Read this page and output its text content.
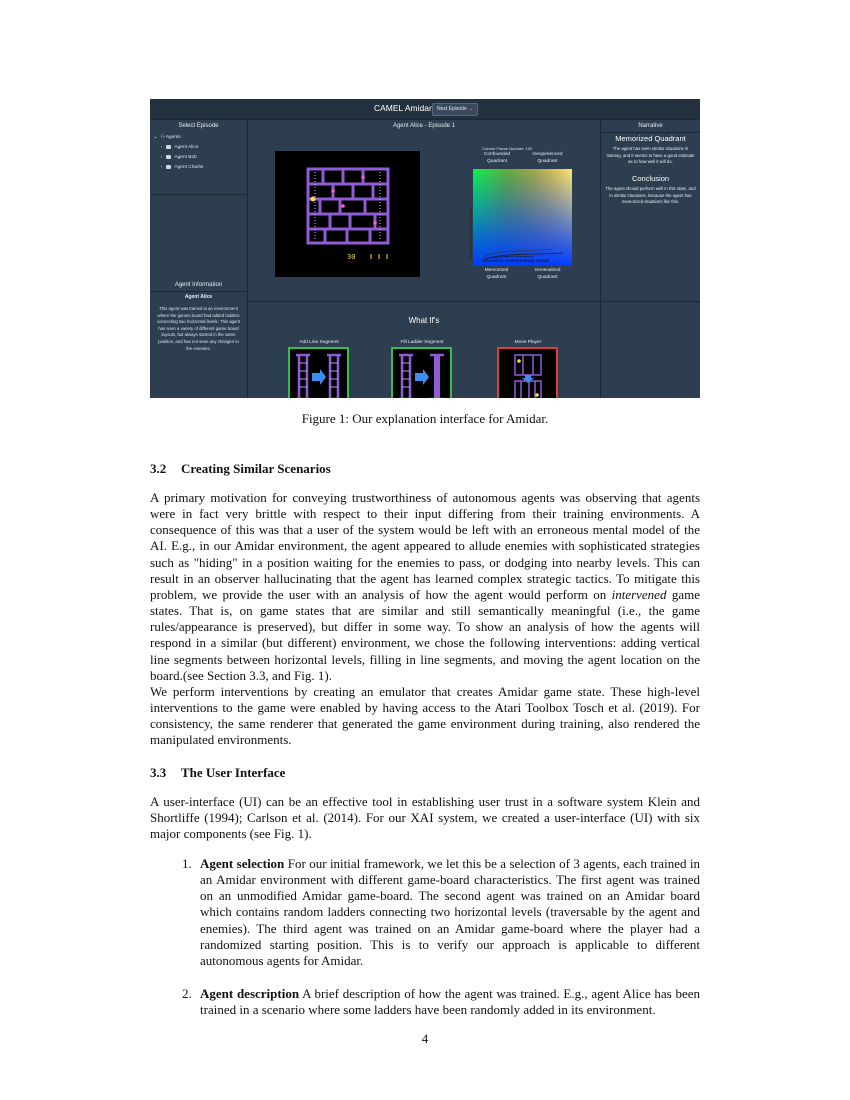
CAMEL Amidar	Next Episode →
Select Episode
⌄ ⚇ Agents
›	Agent Alice
›	Agent Bob
›	Agent Charlie
Agent Information
Agent Alice
This agent was trained in an environment where the games board had added ladders connecting two horizontal levels. This agent has seen a variety of different game board layouts, but always started in the same position, and has not seen any changes to the enemies.
Agent Alice - Episode 1
30
Current Frame Number: 100
Confounded Quadrant
Inexperienced Quadrant
Distance to nearest activation
Distance to nearest training sample
Memorized Quadrant
Generalized Quadrant
What If's
Add Line Segment	Fill Ladder Segment	Move Player
Narrative
Memorized Quadrant
The agent has seen similar situations in training, and it seems to have a good estimate as to how well it will do.
Conclusion
The agent should perform well in this state, and in similar situations, because the agent has memorized situations like this.
Figure 1: Our explanation interface for Amidar.
3.2 Creating Similar Scenarios

A primary motivation for conveying trustworthiness of autonomous agents was observing that agents were in fact very brittle with respect to their input differing from their training environments. A consequence of this was that a user of the system would be left with an erroneous mental model of the AI. E.g., in our Amidar environment, the agent appeared to allude enemies with sophisticated strategies such as "hiding" in a position waiting for the enemies to pass, or dodging into nearby levels. This can result in an observer hallucinating that the agent has learned complex strategic tactics. To mitigate this problem, we provide the user with an analysis of how the agent would perform on intervened game states. That is, on game states that are similar and still semantically meaningful (i.e., the game rules/appearance is preserved), but differ in some way. To show an analysis of how the agents will respond in a similar (but different) environment, we chose the following interventions: adding vertical line segments between horizontal levels, filling in line segments, and moving the agent location on the board.(see Section 3.3, and Fig. 1).

We perform interventions by creating an emulator that creates Amidar game state. These high-level interventions to the game were enabled by having access to the Atari Toolbox Tosch et al. (2019). For consistency, the same renderer that generated the game environment during training, also rendered the manipulated environments.

3.3 The User Interface

A user-interface (UI) can be an effective tool in establishing user trust in a software system Klein and Shortliffe (1994); Carlson et al. (2014). For our XAI system, we created a user-interface (UI) with six major components (see Fig. 1).

1. Agent selection For our initial framework, we let this be a selection of 3 agents, each trained in an Amidar environment with different game-board characteristics. The first agent was trained on an unmodified Amidar game-board. The second agent was trained on an Amidar board which contains random ladders connecting two horizontal levels (traversable by the agent and enemies). The third agent was trained on an Amidar game-board where the player had a randomized starting position. This is to verify our approach is applicable to different autonomous agents for Amidar.
2. Agent description A brief description of how the agent was trained. E.g., agent Alice has been trained in a scenario where some ladders have been randomly added in its environment.
4
